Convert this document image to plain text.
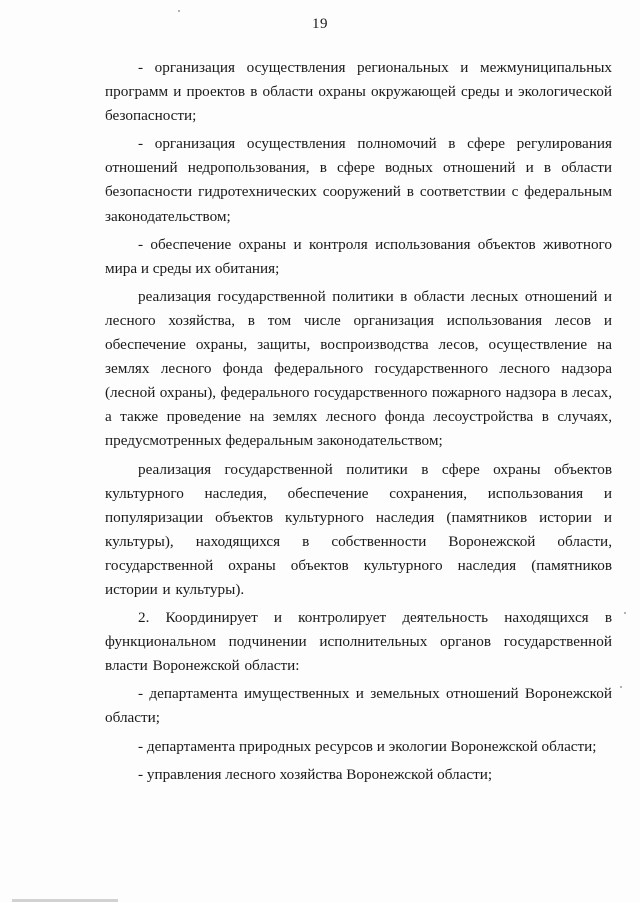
19

- организация осуществления региональных и межмуниципальных программ и проектов в области охраны окружающей среды и экологической безопасности;

- организация осуществления полномочий в сфере регулирования отношений недропользования, в сфере водных отношений и в области безопасности гидротехнических сооружений в соответствии с федеральным законодательством;

- обеспечение охраны и контроля использования объектов животного мира и среды их обитания;

реализация государственной политики в области лесных отношений и лесного хозяйства, в том числе организация использования лесов и обеспечение охраны, защиты, воспроизводства лесов, осуществление на землях лесного фонда федерального государственного лесного надзора (лесной охраны), федерального государственного пожарного надзора в лесах, а также проведение на землях лесного фонда лесоустройства в случаях, предусмотренных федеральным законодательством;

реализация государственной политики в сфере охраны объектов культурного наследия, обеспечение сохранения, использования и популяризации объектов культурного наследия (памятников истории и культуры), находящихся в собственности Воронежской области, государственной охраны объектов культурного наследия (памятников истории и культуры).

2. Координирует и контролирует деятельность находящихся в функциональном подчинении исполнительных органов государственной власти Воронежской области:

- департамента имущественных и земельных отношений Воронежской области;

- департамента природных ресурсов и экологии Воронежской области;

- управления лесного хозяйства Воронежской области;
